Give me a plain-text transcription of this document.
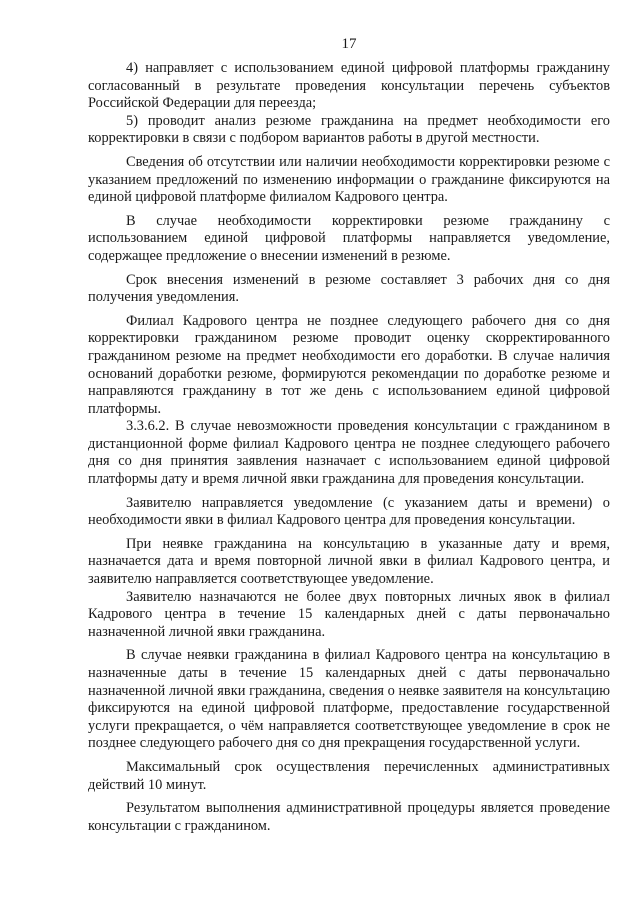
17

4) направляет с использованием единой цифровой платформы гражданину согласованный в результате проведения консультации перечень субъектов Российской Федерации для переезда;

5) проводит анализ резюме гражданина на предмет необходимости его корректировки в связи с подбором вариантов работы в другой местности.

Сведения об отсутствии или наличии необходимости корректировки резюме с указанием предложений по изменению информации о гражданине фиксируются на единой цифровой платформе филиалом Кадрового центра.

В случае необходимости корректировки резюме гражданину с использованием единой цифровой платформы направляется уведомление, содержащее предложение о внесении изменений в резюме.

Срок внесения изменений в резюме составляет 3 рабочих дня со дня получения уведомления.

Филиал Кадрового центра не позднее следующего рабочего дня со дня корректировки гражданином резюме проводит оценку скорректированного гражданином резюме на предмет необходимости его доработки. В случае наличия оснований доработки резюме, формируются рекомендации по доработке резюме и направляются гражданину в тот же день с использованием единой цифровой платформы.

3.3.6.2. В случае невозможности проведения консультации с гражданином в дистанционной форме филиал Кадрового центра не позднее следующего рабочего дня со дня принятия заявления назначает с использованием единой цифровой платформы дату и время личной явки гражданина для проведения консультации.

Заявителю направляется уведомление (с указанием даты и времени) о необходимости явки в филиал Кадрового центра для проведения консультации.

При неявке гражданина на консультацию в указанные дату и время, назначается дата и время повторной личной явки в филиал Кадрового центра, и заявителю направляется соответствующее уведомление.

Заявителю назначаются не более двух повторных личных явок в филиал Кадрового центра в течение 15 календарных дней с даты первоначально назначенной личной явки гражданина.

В случае неявки гражданина в филиал Кадрового центра на консультацию в назначенные даты в течение 15 календарных дней с даты первоначально назначенной личной явки гражданина, сведения о неявке заявителя на консультацию фиксируются на единой цифровой платформе, предоставление государственной услуги прекращается, о чём направляется соответствующее уведомление в срок не позднее следующего рабочего дня со дня прекращения государственной услуги.

Максимальный срок осуществления перечисленных административных действий 10 минут.

Результатом выполнения административной процедуры является проведение консультации с гражданином.
